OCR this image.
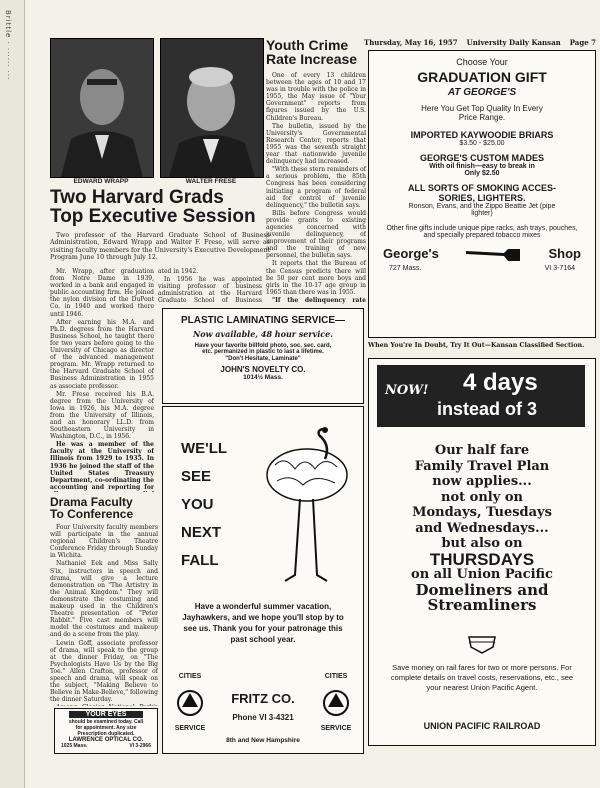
Brittle · ······ ···	Thursday, May 16, 1957 University Daily Kansan Page 7
EDWARD WRAPP	WALTER FRESE
Two Harvard Grads
Top Executive Session

Two professor of the Harvard Graduate School of Business Administration, Edward Wrapp and Walter F. Frese, will serve as visiting faculty members for the University's Executive Development Program June 10 through July 12.

Mr. Wrapp, after graduation from Notre Dame in 1939, worked in a bank and engaged in public accounting firm. He joined the nylon division of the DuPont Co. in 1940 and worked there until 1946.

After earning his M.A. and Ph.D. degrees from the Harvard Business School, he taught there for two years before going to the University of Chicago as director of the advanced management program. Mr. Wrapp returned to the Harvard Graduate School of Business Administration in 1955 as associate professor.

Mr. Frese received his B.A. degree from the University of Iowa in 1926, his M.A. degree from the University of Illinois, and an honorary LL.D. from Southeastern University in Washington, D.C., in 1956.

He was a member of the faculty at the University of Illinois from 1929 to 1935. In 1936 he joined the staff of the United States Treasury Department, co-ordinating the accounting and reporting for

ated in 1942.

In 1956 he was appointed visiting professor of business administration at the Harvard Graduate School of Business

Youth Crime
Rate Increase

One of every 13 children between the ages of 10 and 17 was in trouble with the police in 1955, the May issue of "Your Government" reports from figures issued by the U.S. Children's Bureau.

The bulletin, issued by the University's Governmental Research Center, reports that 1955 was the seventh straight year that nationwide juvenile delinquency had increased.

"With these stern reminders of a serious problem, the 85th Congress has been considering initiating a program of federal aid for control of juvenile delinquency," the bulletin says.

Bills before Congress would provide grants to existing agencies concerned with juvenile delinquency, of improvement of their programs and the training of new personnel, the bulletin says.

It reports that the Bureau of the Census predicts there will be 50 per cent more boys and girls in the 10-17 age group in 1965 than there was in 1955.

"If the delinquency rate

PLASTIC LAMINATING SERVICE—
Now available, 48 hour service.
Have your favorite billfold photo, soc. sec. card,
etc. permanized in plastic to last a lifetime.
"Don't Hesitate, Laminate"
JOHN'S NOVELTY CO.
1014½ Mass.
Drama Faculty
To Conference

Four University faculty members will participate in the annual regional Children's Theatre Conference Friday through Sunday in Wichita.

Nathaniel Eek and Miss Sally S'ix, instructors in speech and drama, will give a lecture demonstration on "The Artistry in the Animal Kingdom." They will demonstrate the costuming and makeup used in the Children's Theatre presentation of "Peter Rabbit." Five cast members will model the costumes and makeup and do a scene from the play.

Lewin Goff, associate professor of drama, will speak to the group at the dinner Friday, on "The Psychologists Have Us by the Big Toe." Allen Crafton, professor of speech and drama, will speak on the subject, "Making Believe to Believe in Make-Believe," following the dinner Saturday.

YOUR EYES
should be examined today. Call
for appointment. Any size
Prescription duplicated.
LAWRENCE OPTICAL CO.
1025 Mass.	VI 3-2966
WE'LL
SEE
YOU
NEXT
FALL
Have a wonderful summer vacation, Jayhawkers, and we hope you'll stop by to see us. Thank you for your patronage this past school year.
CITIES
SERVICE
FRITZ CO.
Phone VI 3-4321
CITIES
SERVICE
8th and New Hampshire
Choose Your
GRADUATION GIFT
AT GEORGE'S
Here You Get Top Quality In Every
Price Range.
IMPORTED KAYWOODIE BRIARS
$3.50 - $25.00
GEORGE'S CUSTOM MADES
With oil finish—easy to break in
Only $2.50
ALL SORTS OF SMOKING ACCES-
SORIES, LIGHTERS.
Ronson, Evans, and the Zippo Beattie Jet (pipe
lighter)
Other fine gifts include unique pipe racks, ash trays, pouches, and specially prepared tobacco mixes
George's	Shop
727 Mass.	VI 3-7164
When You're In Doubt, Try It Out—Kansan Classified Section.
NOW! 4 days
instead of 3
Our half fare
Family Travel Plan
now applies...
not only on
Mondays, Tuesdays
and Wednesdays...
but also on
THURSDAYS
on all Union Pacific
Domeliners and
Streamliners
Save money on rail fares for two or more persons. For complete details on travel costs, reservations, etc., see your nearest Union Pacific Agent.
UNION PACIFIC RAILROAD
